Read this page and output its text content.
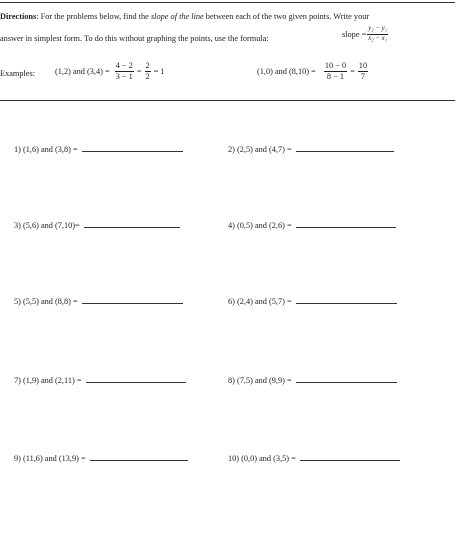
Directions: For the problems below, find the slope of the line between each of the two given points. Write your
answer in simplest form. To do this without graphing the points, use the formula:	slope = $\frac{\text{y₂ − y₁}}{\text{x₂ − x₁}}$
Examples: (1,2) and $(3,4) = \frac{4 - 2}{3 - 1} = \frac{2}{2} = 1$	(1,0) and $(8,10) = \frac{10 - 0}{8 - 1} = \frac{10}{7}$
1) (1,6) and (3,8) =	2) (2,5) and (4,7) =
3) (5,6) and (7,10)=	4) (0,5) and (2,6) =
5) (5,5) and (8,8) =	6) (2,4) and (5,7) =
7) (1,9) and (2,11) =	8) (7,5) and (9,9) =
9) (11,6) and (13,9) =	10) (0,0) and (3,5) =
